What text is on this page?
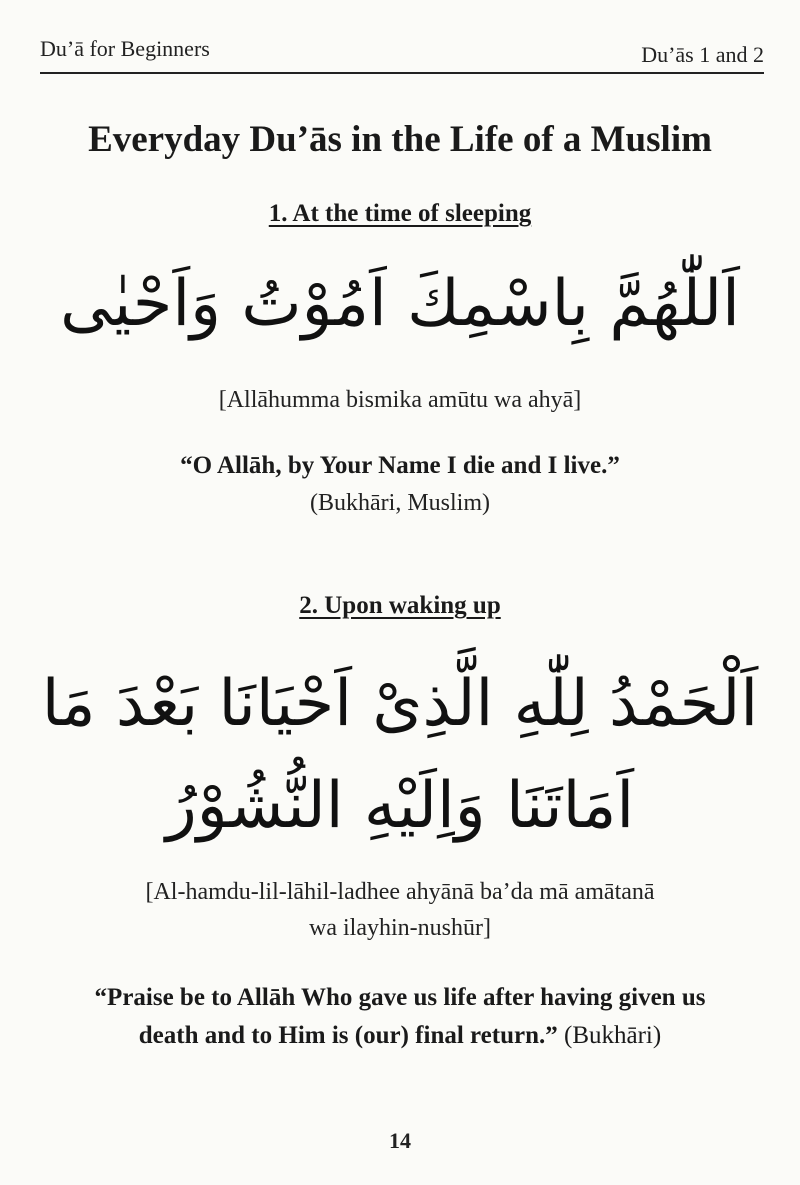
Du’ā for Beginners	Du’ās 1 and 2
Everyday Du’ās in the Life of a Muslim
1. At the time of sleeping
اَللّٰهُمَّ بِاسْمِكَ اَمُوْتُ وَاَحْيٰى
[Allāhumma bismika amūtu wa ahyā]
“O Allāh, by Your Name I die and I live.”
(Bukhāri, Muslim)
2. Upon waking up
اَلْحَمْدُ لِلّٰهِ الَّذِىْ اَحْيَانَا بَعْدَ مَا
اَمَاتَنَا وَاِلَيْهِ النُّشُوْرُ
[Al-hamdu-lil-lāhil-ladhee ahyānā ba’da mā amātanā
wa ilayhin-nushūr]
“Praise be to Allāh Who gave us life after having given us
death and to Him is (our) final return.” (Bukhāri)
14
